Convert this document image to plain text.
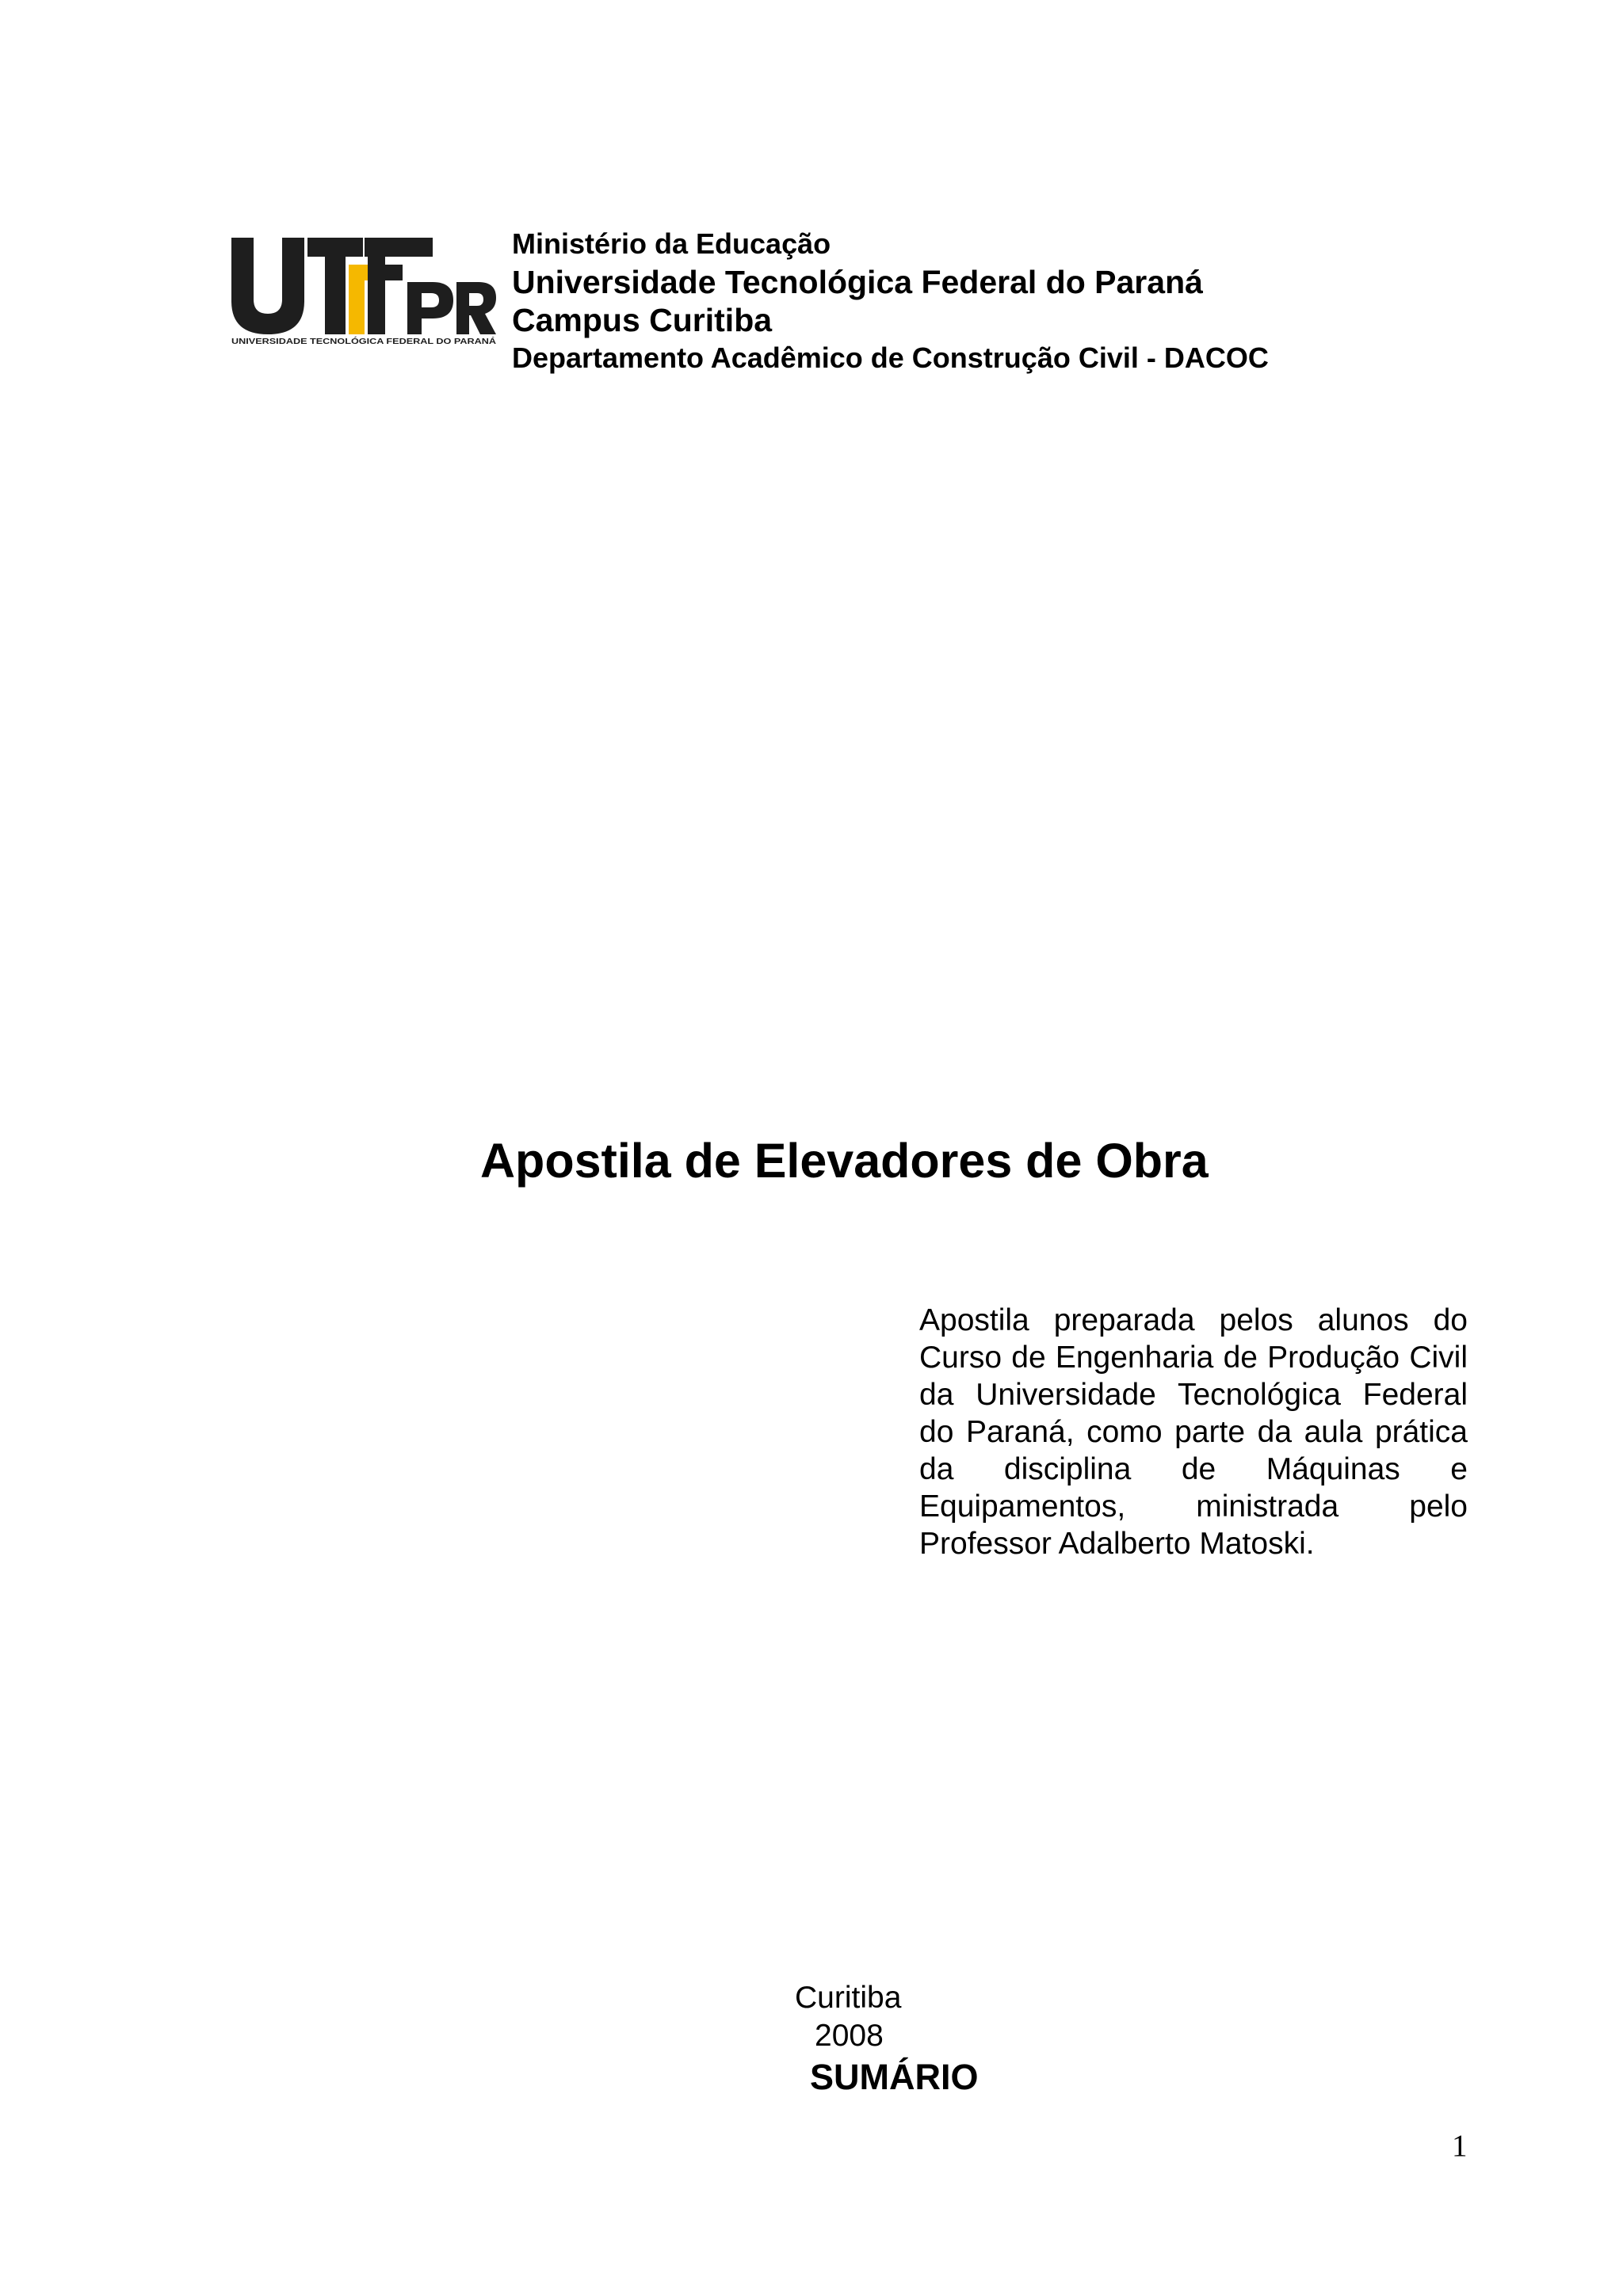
UNIVERSIDADE TECNOLÓGICA FEDERAL DO PARANÁ
Ministério da Educação
Universidade Tecnológica Federal do Paraná
Campus Curitiba
Departamento Acadêmico de Construção Civil - DACOC
Apostila de Elevadores de Obra
Apostila preparada pelos alunos do Curso de Engenharia de Produção Civil da Universidade Tecnológica Federal do Paraná, como parte da aula prática da disciplina de Máquinas e Equipamentos, ministrada pelo Professor Adalberto Matoski.
Curitiba
2008
SUMÁRIO
1
